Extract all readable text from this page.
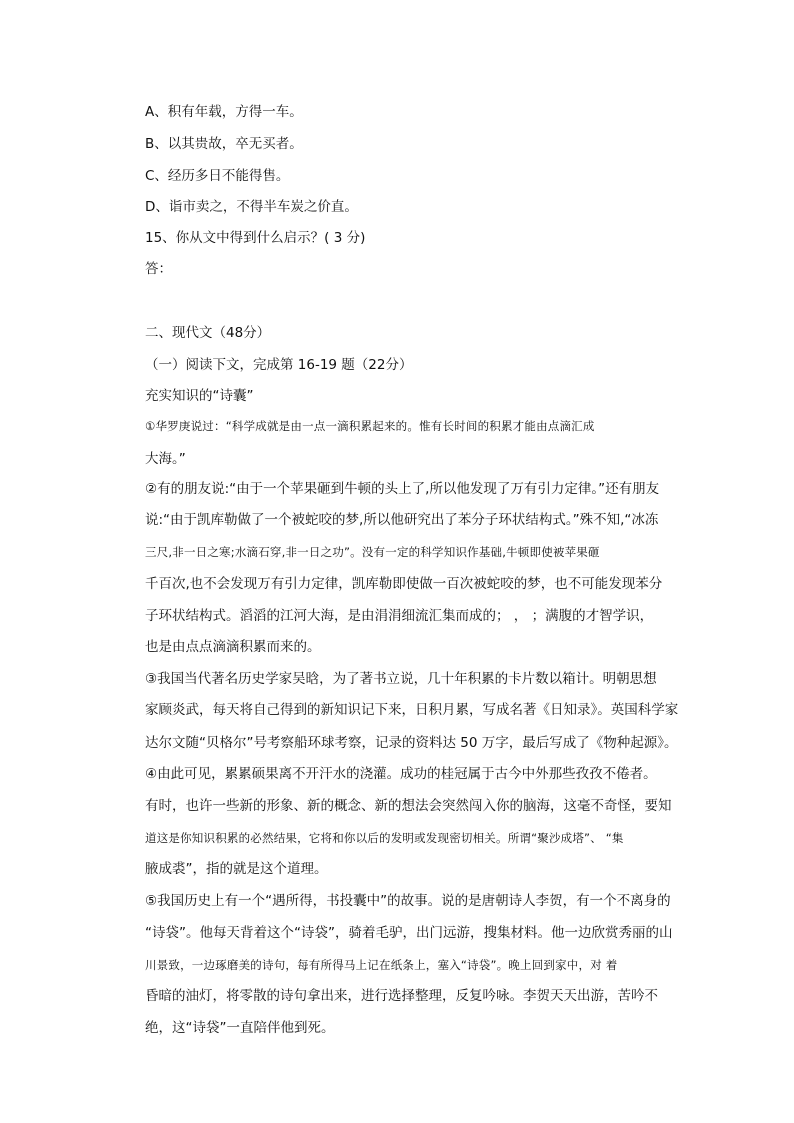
A、积有年载，方得一车。
B、以其贵故，卒无买者。
C、经历多日不能得售。
D、诣市卖之，不得半车炭之价直。
15、你从文中得到什么启示？( 3 分)
答：
二、现代文（48分）
（一）阅读下文，完成第 16-19 题（22分）
充实知识的“诗囊”
①华罗庚说过：“科学成就是由一点一滴积累起来的。惟有长时间的积累才能由点滴汇成
大海。”
②有的朋友说:“由于一个苹果砸到牛顿的头上了,所以他发现了万有引力定律。”还有朋友
说:“由于凯库勒做了一个被蛇咬的梦,所以他研究出了苯分子环状结构式。”殊不知,“冰冻
三尺,非一日之寒;水滴石穿,非一日之功”。没有一定的科学知识作基础,牛顿即使被苹果砸
千百次,也不会发现万有引力定律，凯库勒即使做一百次被蛇咬的梦，也不可能发现苯分
子环状结构式。滔滔的江河大海，是由涓涓细流汇集而成的； ， ；满腹的才智学识，
也是由点点滴滴积累而来的。
③我国当代著名历史学家吴晗，为了著书立说，几十年积累的卡片数以箱计。明朝思想
家顾炎武，每天将自己得到的新知识记下来，日积月累，写成名著《日知录》。英国科学家
达尔文随“贝格尔”号考察船环球考察，记录的资料达 50 万字，最后写成了《物种起源》。
④由此可见，累累硕果离不开汗水的浇灌。成功的桂冠属于古今中外那些孜孜不倦者。
有时，也许一些新的形象、新的概念、新的想法会突然闯入你的脑海，这毫不奇怪，要知
道这是你知识积累的必然结果，它将和你以后的发明或发现密切相关。所谓“聚沙成塔”、 “集
腋成裘”，指的就是这个道理。
⑤我国历史上有一个“遇所得，书投囊中”的故事。说的是唐朝诗人李贺，有一个不离身的
“诗袋”。他每天背着这个“诗袋”，骑着毛驴，出门远游，搜集材料。他一边欣赏秀丽的山
川景致，一边琢磨美的诗句，每有所得马上记在纸条上，塞入“诗袋”。晚上回到家中，对 着
昏暗的油灯，将零散的诗句拿出来，进行选择整理，反复吟咏。李贺天天出游，苦吟不
绝，这“诗袋”一直陪伴他到死。
